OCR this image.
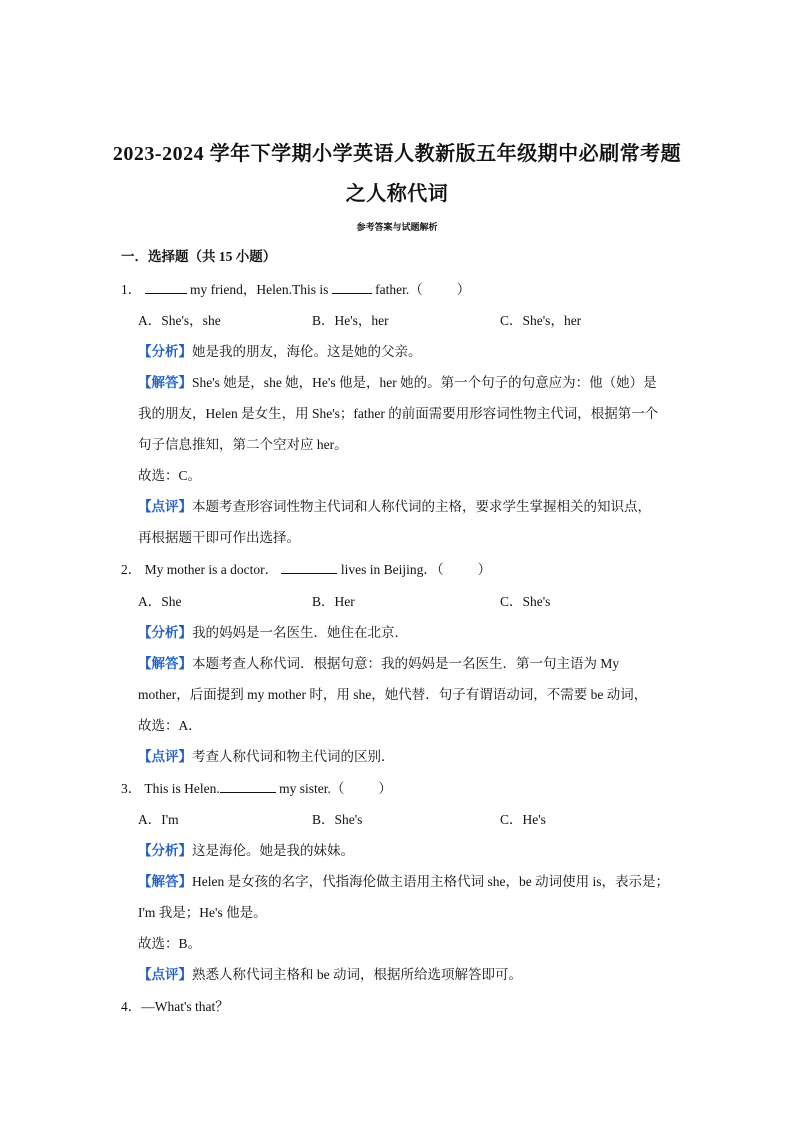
2023-2024 学年下学期小学英语人教新版五年级期中必刷常考题
之人称代词
参考答案与试题解析
一．选择题（共 15 小题）
1．	my friend，Helen.This is	father.（	）
A．She's，she	B．He's，her	C．She's，her
【分析】她是我的朋友，海伦。这是她的父亲。
【解答】She's 她是，she 她，He's 他是，her 她的。第一个句子的句意应为：他（她）是
我的朋友，Helen 是女生，用 She's；father 的前面需要用形容词性物主代词，根据第一个
句子信息推知，第二个空对应 her。
故选：C。
【点评】本题考查形容词性物主代词和人称代词的主格，要求学生掌握相关的知识点，
再根据题干即可作出选择。
2． My mother is a doctor．	lives in Beijing．（	）
A．She	B．Her	C．She's
【分析】我的妈妈是一名医生．她住在北京．
【解答】本题考查人称代词．根据句意：我的妈妈是一名医生．第一句主语为 My
mother，后面提到 my mother 时，用 she，她代替．句子有谓语动词，不需要 be 动词，
故选：A．
【点评】考查人称代词和物主代词的区别．
3． This is Helen.	my sister.（	）
A．I'm	B．She's	C．He's
【分析】这是海伦。她是我的妹妹。
【解答】Helen 是女孩的名字，代指海伦做主语用主格代词 she，be 动词使用 is，表示是；
I'm 我是；He's 他是。
故选：B。
【点评】熟悉人称代词主格和 be 动词，根据所给选项解答即可。
4．—What's that？
